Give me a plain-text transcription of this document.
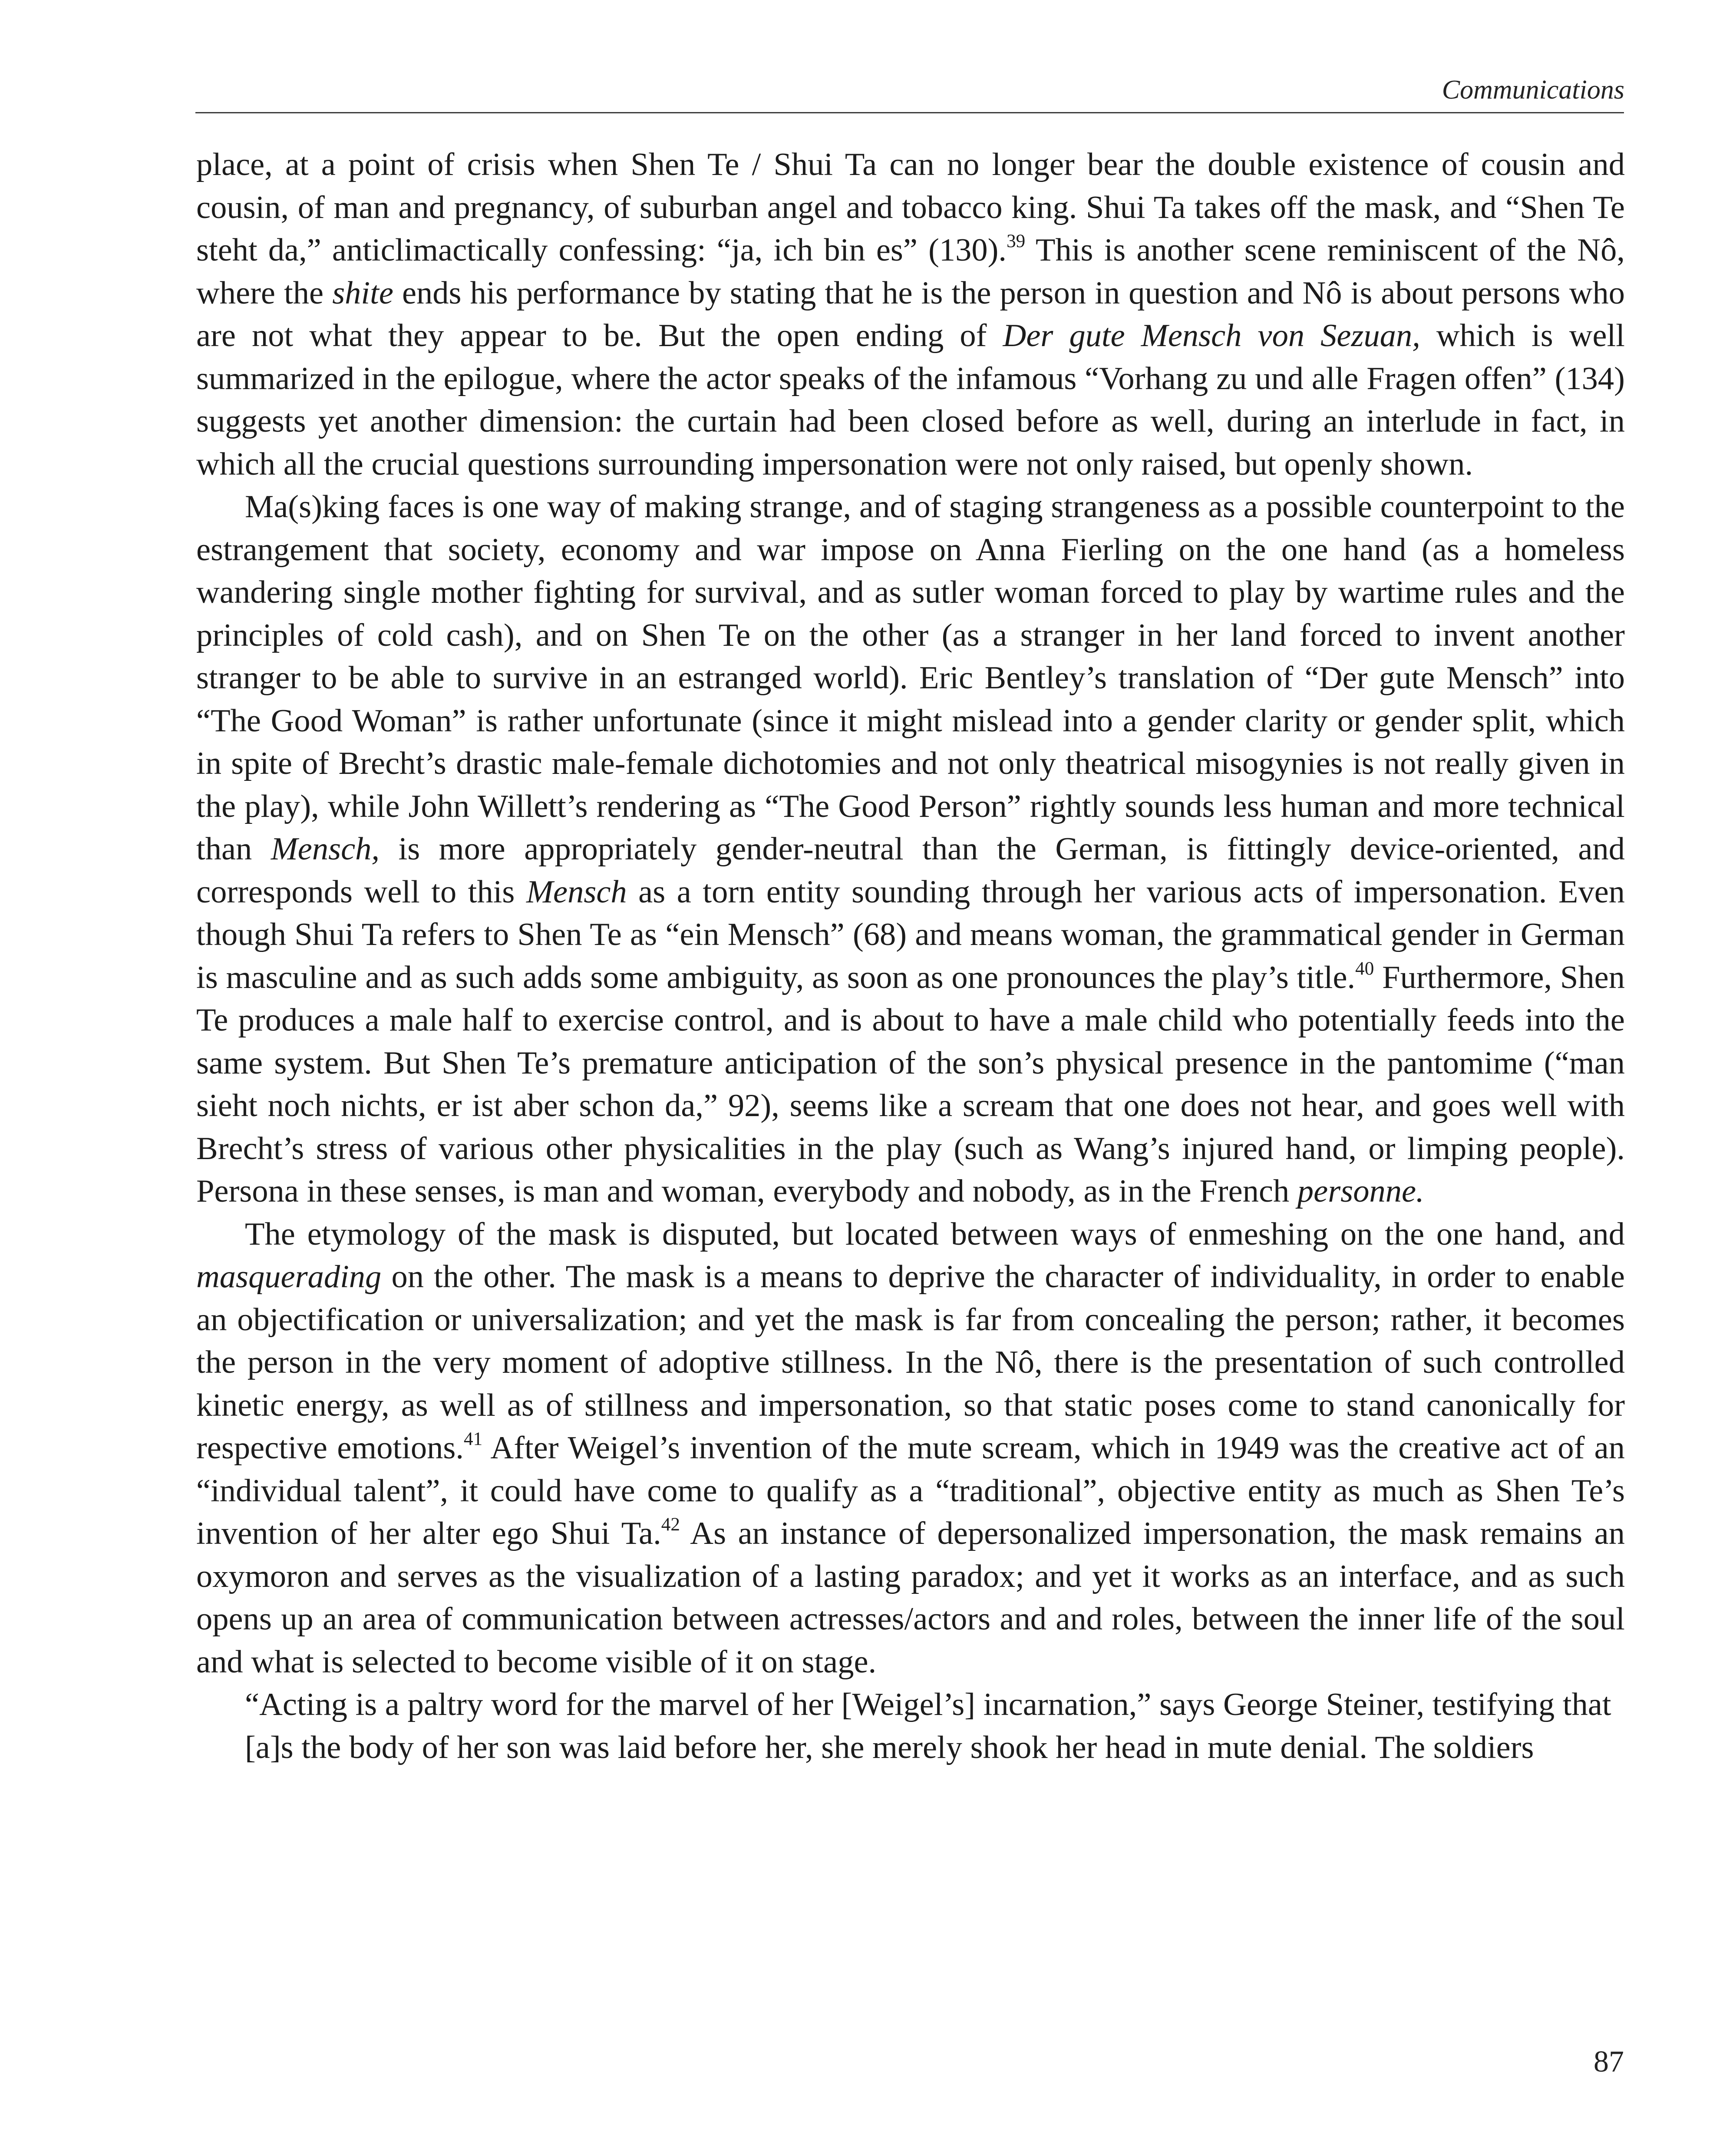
Communications

place, at a point of crisis when Shen Te / Shui Ta can no longer bear the double existence of cousin and cousin, of man and pregnancy, of suburban angel and tobacco king. Shui Ta takes off the mask, and “Shen Te steht da,” anticlimactically confessing: “ja, ich bin es” (130).$^{39}$ This is another scene reminiscent of the Nô, where the shite ends his performance by stating that he is the person in question and Nô is about persons who are not what they appear to be. But the open ending of Der gute Mensch von Sezuan, which is well summarized in the epilogue, where the actor speaks of the infamous “Vorhang zu und alle Fragen offen” (134) suggests yet another dimension: the curtain had been closed before as well, during an interlude in fact, in which all the crucial questions surrounding impersonation were not only raised, but openly shown.

Ma(s)king faces is one way of making strange, and of staging strangeness as a possible counterpoint to the estrangement that society, economy and war impose on Anna Fierling on the one hand (as a homeless wandering single mother fighting for survival, and as sutler woman forced to play by wartime rules and the principles of cold cash), and on Shen Te on the other (as a stranger in her land forced to invent another stranger to be able to survive in an estranged world). Eric Bentley’s translation of “Der gute Mensch” into “The Good Woman” is rather unfortunate (since it might mislead into a gender clarity or gender split, which in spite of Brecht’s drastic male-female dichotomies and not only theatrical misogynies is not really given in the play), while John Willett’s rendering as “The Good Person” rightly sounds less human and more technical than Mensch, is more appropriately gender-neutral than the German, is fittingly device-oriented, and corresponds well to this Mensch as a torn entity sounding through her various acts of impersonation. Even though Shui Ta refers to Shen Te as “ein Mensch” (68) and means woman, the grammatical gender in German is masculine and as such adds some ambiguity, as soon as one pronounces the play’s title.$^{40}$ Furthermore, Shen Te produces a male half to exercise control, and is about to have a male child who potentially feeds into the same system. But Shen Te’s premature anticipation of the son’s physical presence in the pantomime (“man sieht noch nichts, er ist aber schon da,” 92), seems like a scream that one does not hear, and goes well with Brecht’s stress of various other physicalities in the play (such as Wang’s injured hand, or limping people). Persona in these senses, is man and woman, everybody and nobody, as in the French personne.

The etymology of the mask is disputed, but located between ways of enmeshing on the one hand, and masquerading on the other. The mask is a means to deprive the character of individuality, in order to enable an objectification or universalization; and yet the mask is far from concealing the person; rather, it becomes the person in the very moment of adoptive stillness. In the Nô, there is the presentation of such controlled kinetic energy, as well as of stillness and impersonation, so that static poses come to stand canonically for respective emotions.$^{41}$ After Weigel’s invention of the mute scream, which in 1949 was the creative act of an “individual talent”, it could have come to qualify as a “traditional”, objective entity as much as Shen Te’s invention of her alter ego Shui Ta.$^{42}$ As an instance of depersonalized impersonation, the mask remains an oxymoron and serves as the visualization of a lasting paradox; and yet it works as an interface, and as such opens up an area of communication between actresses/actors and and roles, between the inner life of the soul and what is selected to become visible of it on stage.

“Acting is a paltry word for the marvel of her [Weigel’s] incarnation,” says George Steiner, testifying that

[a]s the body of her son was laid before her, she merely shook her head in mute denial. The soldiers

87
